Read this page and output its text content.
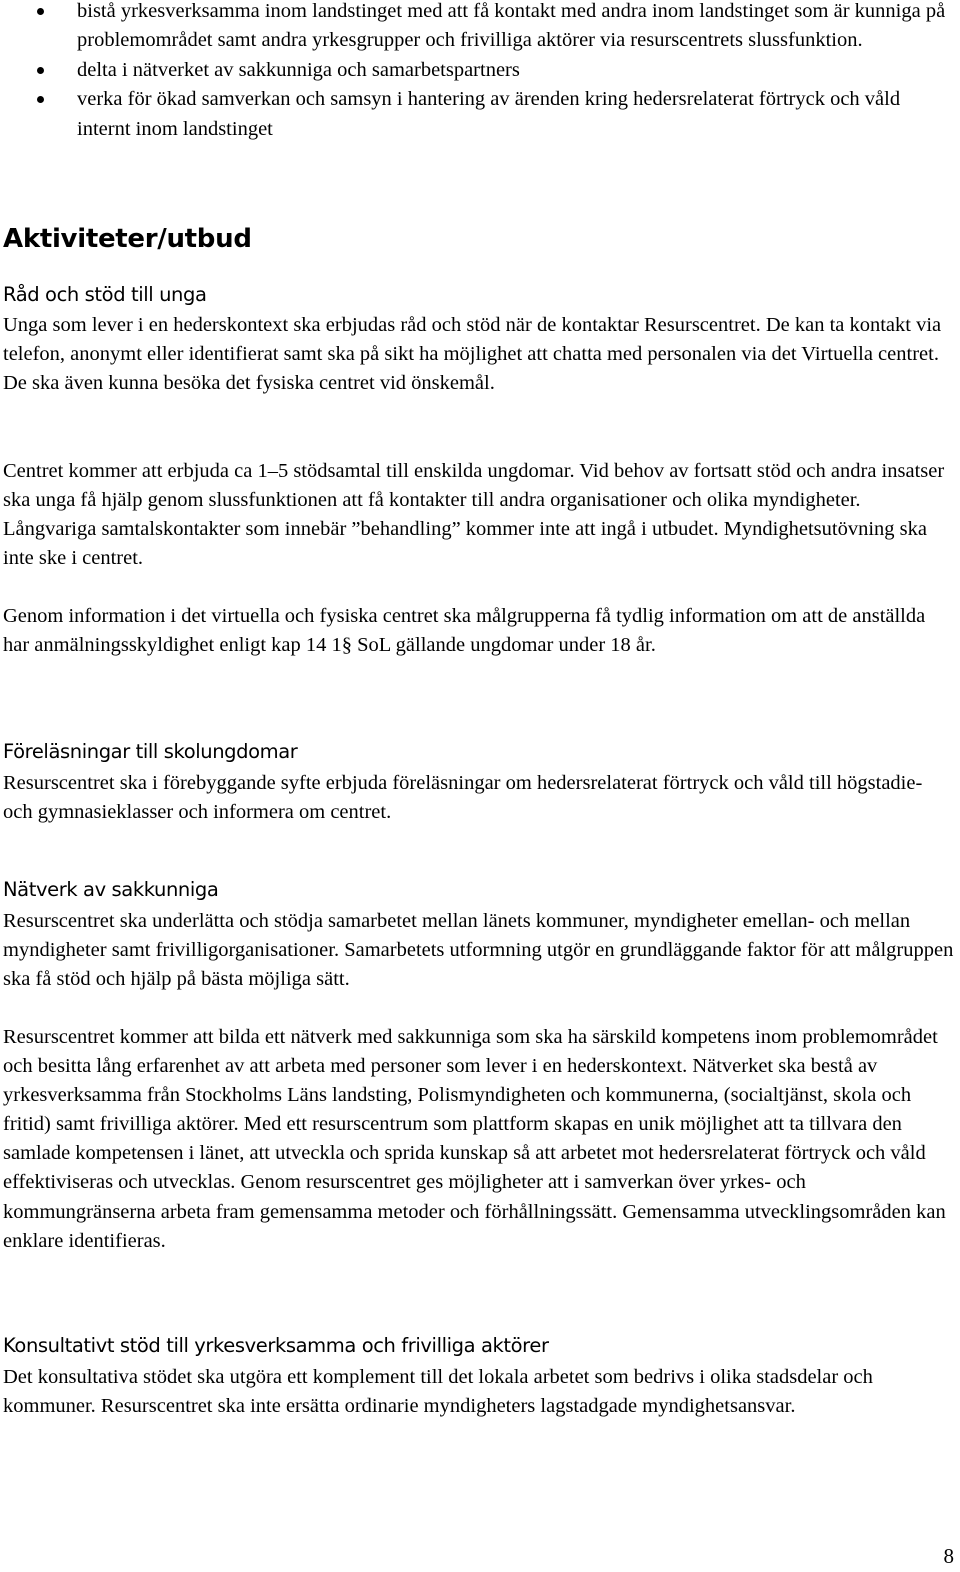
bistå yrkesverksamma inom landstinget med att få kontakt med andra inom landstinget som är kunniga på problemområdet samt andra yrkesgrupper och frivilliga aktörer via resurscentrets slussfunktion.
delta i nätverket av sakkunniga och samarbetspartners
verka för ökad samverkan och samsyn i hantering av ärenden kring hedersrelaterat förtryck och våld internt inom landstinget
Aktiviteter/utbud
Råd och stöd till unga

Unga som lever i en hederskontext ska erbjudas råd och stöd när de kontaktar Resurscentret. De kan ta kontakt via telefon, anonymt eller identifierat samt ska på sikt ha möjlighet att chatta med personalen via det Virtuella centret. De ska även kunna besöka det fysiska centret vid önskemål.

Centret kommer att erbjuda ca 1–5 stödsamtal till enskilda ungdomar. Vid behov av fortsatt stöd och andra insatser ska unga få hjälp genom slussfunktionen att få kontakter till andra organisationer och olika myndigheter. Långvariga samtalskontakter som innebär ”behandling” kommer inte att ingå i utbudet. Myndighetsutövning ska inte ske i centret.

Genom information i det virtuella och fysiska centret ska målgrupperna få tydlig information om att de anställda har anmälningsskyldighet enligt kap 14 1§ SoL gällande ungdomar under 18 år.

Föreläsningar till skolungdomar

Resurscentret ska i förebyggande syfte erbjuda föreläsningar om hedersrelaterat förtryck och våld till högstadie- och gymnasieklasser och informera om centret.

Nätverk av sakkunniga

Resurscentret ska underlätta och stödja samarbetet mellan länets kommuner, myndigheter emellan- och mellan myndigheter samt frivilligorganisationer. Samarbetets utformning utgör en grundläggande faktor för att målgruppen ska få stöd och hjälp på bästa möjliga sätt.

Resurscentret kommer att bilda ett nätverk med sakkunniga som ska ha särskild kompetens inom problemområdet och besitta lång erfarenhet av att arbeta med personer som lever i en hederskontext. Nätverket ska bestå av yrkesverksamma från Stockholms Läns landsting, Polismyndigheten och kommunerna, (socialtjänst, skola och fritid) samt frivilliga aktörer. Med ett resurscentrum som plattform skapas en unik möjlighet att ta tillvara den samlade kompetensen i länet, att utveckla och sprida kunskap så att arbetet mot hedersrelaterat förtryck och våld effektiviseras och utvecklas. Genom resurscentret ges möjligheter att i samverkan över yrkes- och kommungränserna arbeta fram gemensamma metoder och förhållningssätt. Gemensamma utvecklingsområden kan enklare identifieras.

Konsultativt stöd till yrkesverksamma och frivilliga aktörer

Det konsultativa stödet ska utgöra ett komplement till det lokala arbetet som bedrivs i olika stadsdelar och kommuner. Resurscentret ska inte ersätta ordinarie myndigheters lagstadgade myndighetsansvar.

8
